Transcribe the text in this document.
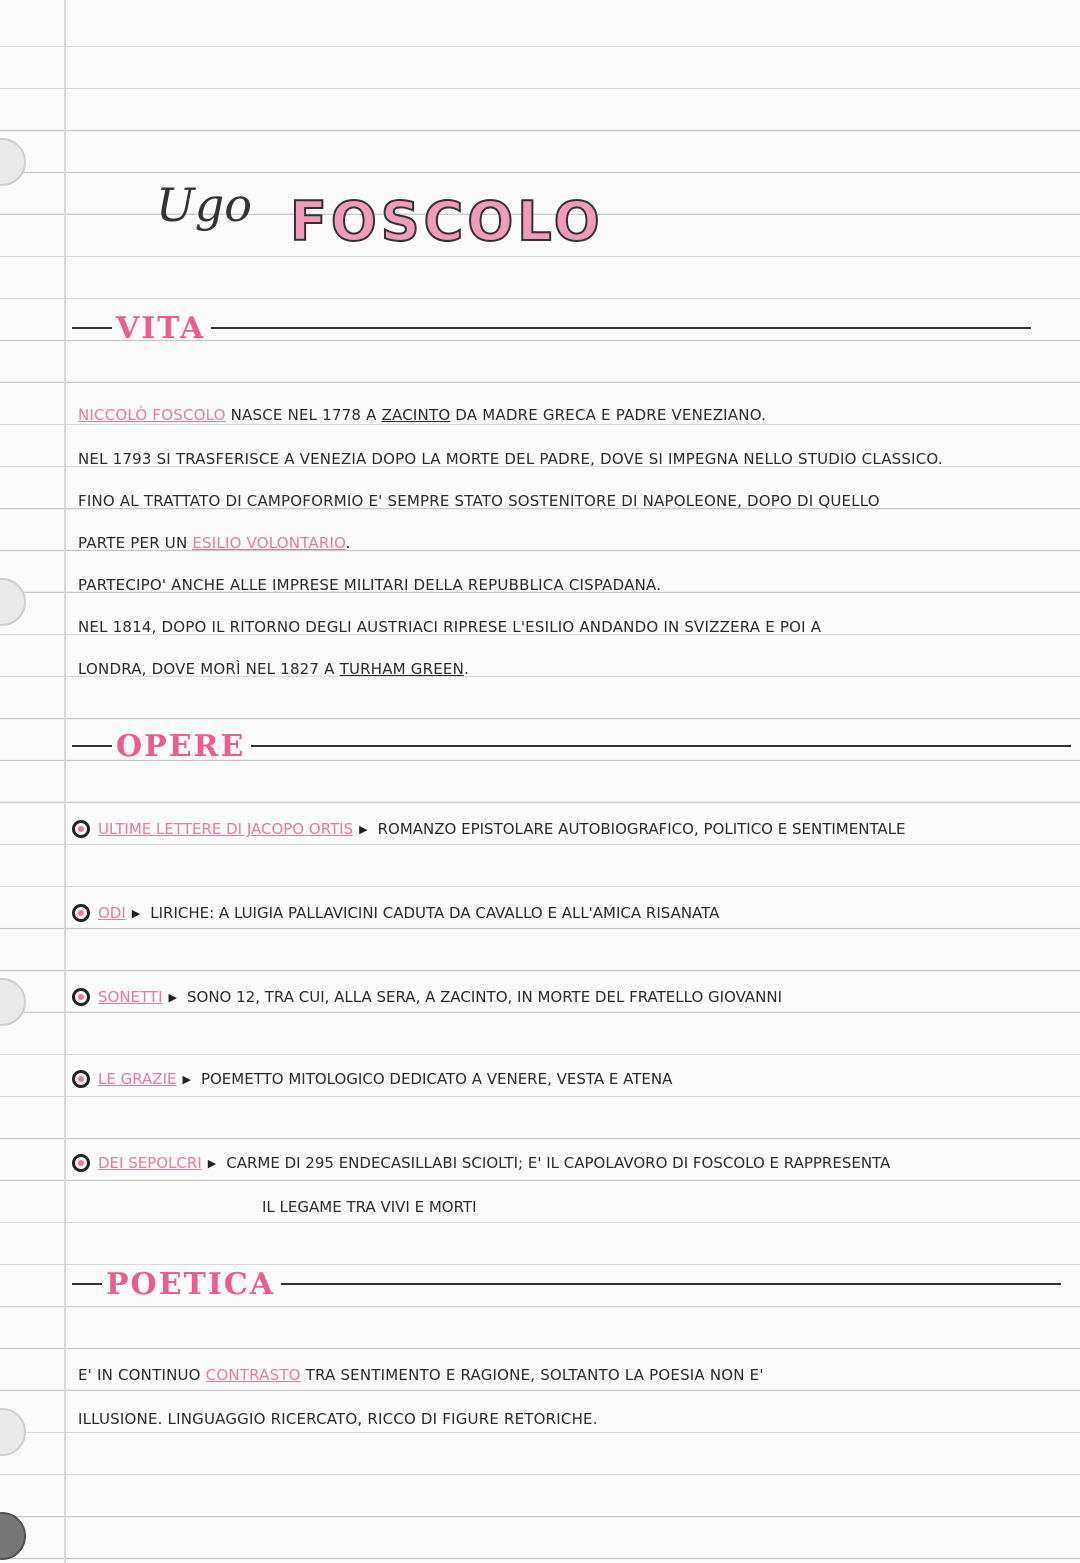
Ugo FOSCOLO
VITA
NICCOLÒ FOSCOLO NASCE NEL 1778 A ZACINTO DA MADRE GRECA E PADRE VENEZIANO.
NEL 1793 SI TRASFERISCE A VENEZIA DOPO LA MORTE DEL PADRE, DOVE SI IMPEGNA NELLO STUDIO CLASSICO.
FINO AL TRATTATO DI CAMPOFORMIO E' SEMPRE STATO SOSTENITORE DI NAPOLEONE, DOPO DI QUELLO
PARTE PER UN ESILIO VOLONTARIO.
PARTECIPO' ANCHE ALLE IMPRESE MILITARI DELLA REPUBBLICA CISPADANA.
NEL 1814, DOPO IL RITORNO DEGLI AUSTRIACI RIPRESE L'ESILIO ANDANDO IN SVIZZERA E POI A
LONDRA, DOVE MORÌ NEL 1827 A TURHAM GREEN.
OPERE
ULTIME LETTERE DI JACOPO ORTIS ▶ ROMANZO EPISTOLARE AUTOBIOGRAFICO, POLITICO E SENTIMENTALE
ODI ▶ LIRICHE: A LUIGIA PALLAVICINI CADUTA DA CAVALLO E ALL'AMICA RISANATA
SONETTI ▶ SONO 12, TRA CUI, ALLA SERA, A ZACINTO, IN MORTE DEL FRATELLO GIOVANNI
LE GRAZIE ▶ POEMETTO MITOLOGICO DEDICATO A VENERE, VESTA E ATENA
DEI SEPOLCRI ▶ CARME DI 295 ENDECASILLABI SCIOLTI; E' IL CAPOLAVORO DI FOSCOLO E RAPPRESENTA
IL LEGAME TRA VIVI E MORTI
POETICA
E' IN CONTINUO CONTRASTO TRA SENTIMENTO E RAGIONE, SOLTANTO LA POESIA NON E'
ILLUSIONE. LINGUAGGIO RICERCATO, RICCO DI FIGURE RETORICHE.
